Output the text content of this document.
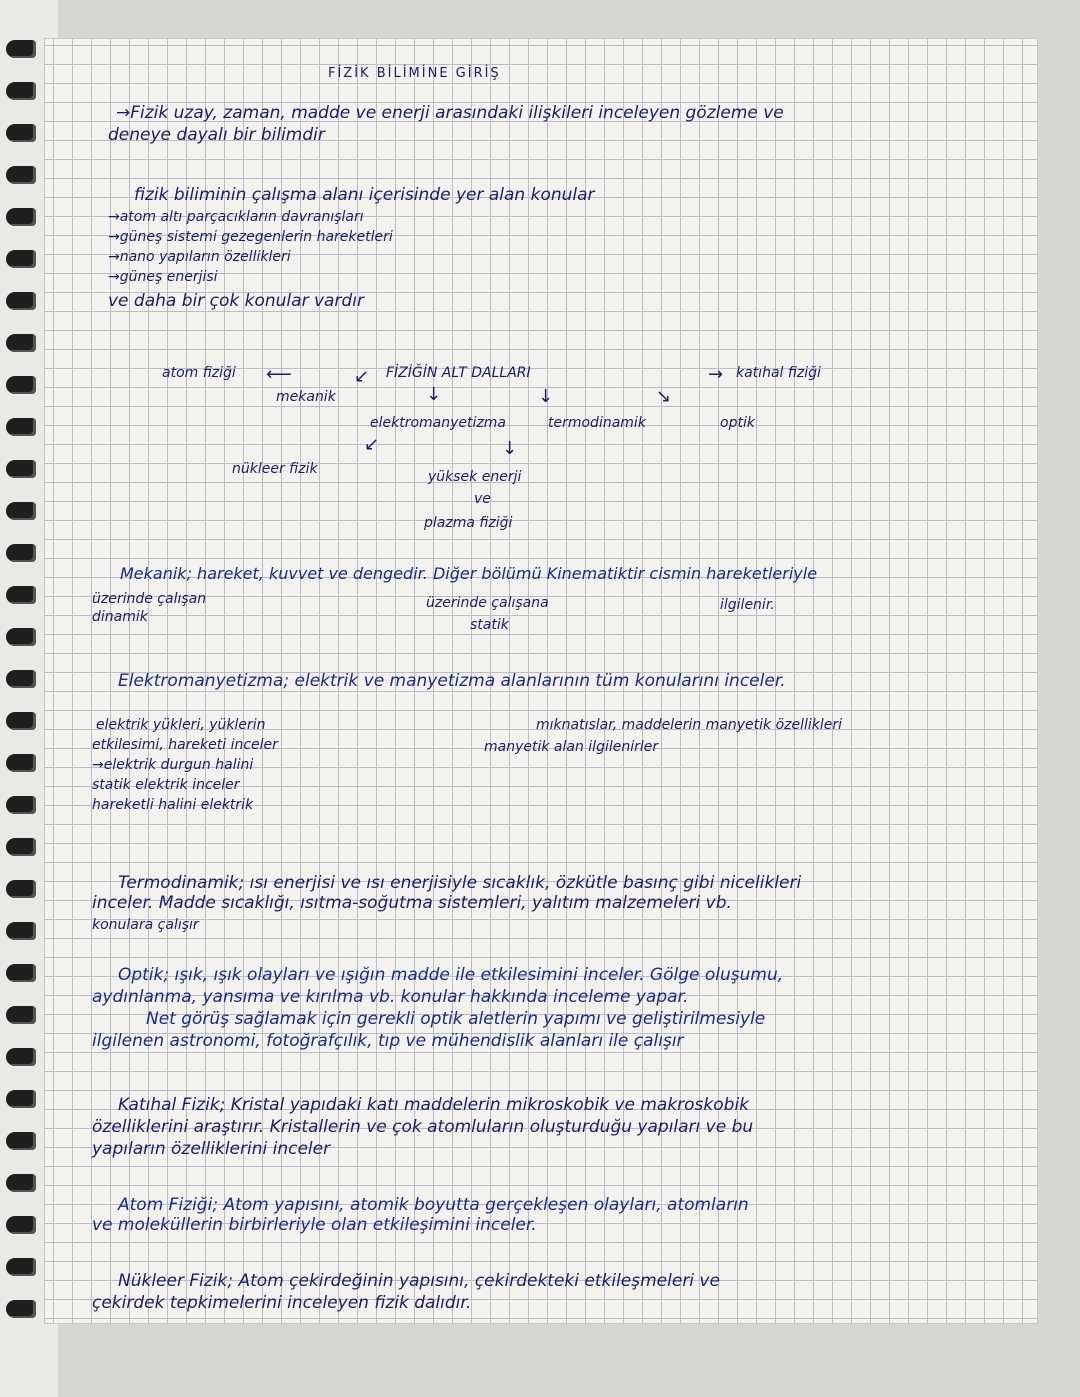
FİZİK BİLİMİNE GİRİŞ
→Fizik uzay, zaman, madde ve enerji arasındaki ilişkileri inceleyen gözleme ve
deneye dayalı bir bilimdir
fizik biliminin çalışma alanı içerisinde yer alan konular
→atom altı parçacıkların davranışları
→güneş sistemi gezegenlerin hareketleri
→nano yapıların özellikleri
→güneş enerjisi
ve daha bir çok konular vardır
atom fiziği ⟵	FİZİĞİN ALT DALLARI
↙	→ katıhal fiziği
mekanik	↓	↓	↘
elektromanyetizma	termodinamik	optik
↙	↓
nükleer fizik	yüksek enerji
ve
plazma fiziği
Mekanik; hareket, kuvvet ve dengedir. Diğer bölümü Kinematiktir cismin hareketleriyle
üzerinde çalışan
dinamik
üzerinde çalışana
statik
ilgilenir.
Elektromanyetizma; elektrik ve manyetizma alanlarının tüm konularını inceler.
elektrik yükleri, yüklerin
etkilesimi, hareketi inceler
→elektrik durgun halini
statik elektrik inceler
hareketli halini elektrik
mıknatıslar, maddelerin manyetik özellikleri
manyetik alan ilgilenirler
Termodinamik; ısı enerjisi ve ısı enerjisiyle sıcaklık, özkütle basınç gibi nicelikleri
inceler. Madde sıcaklığı, ısıtma-soğutma sistemleri, yalıtım malzemeleri vb.
konulara çalışır
Optik; ışık, ışık olayları ve ışığın madde ile etkilesimini inceler. Gölge oluşumu,
aydınlanma, yansıma ve kırılma vb. konular hakkında inceleme yapar.
Net görüş sağlamak için gerekli optik aletlerin yapımı ve geliştirilmesiyle
ilgilenen astronomi, fotoğrafçılık, tıp ve mühendislik alanları ile çalışır
Katıhal Fizik; Kristal yapıdaki katı maddelerin mikroskobik ve makroskobik
özelliklerini araştırır. Kristallerin ve çok atomluların oluşturduğu yapıları ve bu
yapıların özelliklerini inceler
Atom Fiziği; Atom yapısını, atomik boyutta gerçekleşen olayları, atomların
ve moleküllerin birbirleriyle olan etkileşimini inceler.
Nükleer Fizik; Atom çekirdeğinin yapısını, çekirdekteki etkileşmeleri ve
çekirdek tepkimelerini inceleyen fizik dalıdır.
